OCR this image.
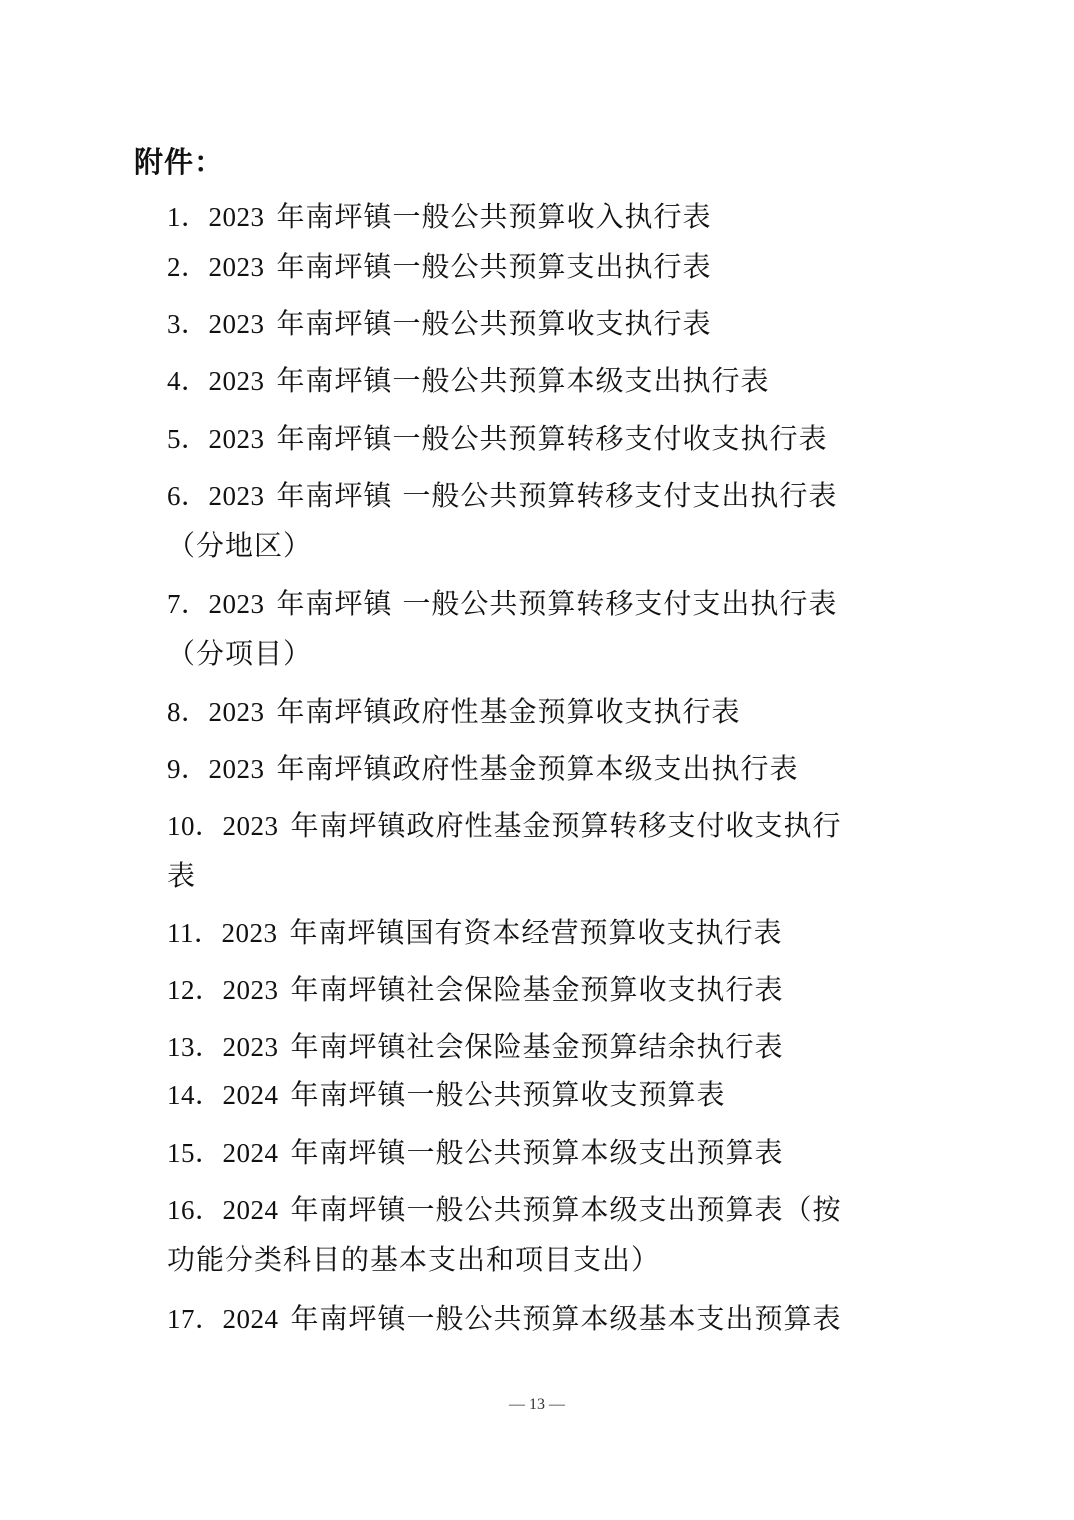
附件：
1．2023 年南坪镇一般公共预算收入执行表
2．2023 年南坪镇一般公共预算支出执行表
3．2023 年南坪镇一般公共预算收支执行表
4．2023 年南坪镇一般公共预算本级支出执行表
5．2023 年南坪镇一般公共预算转移支付收支执行表
6．2023 年南坪镇 一般公共预算转移支付支出执行表
（分地区）
7．2023 年南坪镇 一般公共预算转移支付支出执行表
（分项目）
8．2023 年南坪镇政府性基金预算收支执行表
9．2023 年南坪镇政府性基金预算本级支出执行表
10．2023 年南坪镇政府性基金预算转移支付收支执行
表
11．2023 年南坪镇国有资本经营预算收支执行表
12．2023 年南坪镇社会保险基金预算收支执行表
13．2023 年南坪镇社会保险基金预算结余执行表
14．2024 年南坪镇一般公共预算收支预算表
15．2024 年南坪镇一般公共预算本级支出预算表
16．2024 年南坪镇一般公共预算本级支出预算表（按
功能分类科目的基本支出和项目支出）
17．2024 年南坪镇一般公共预算本级基本支出预算表
— 13 —
